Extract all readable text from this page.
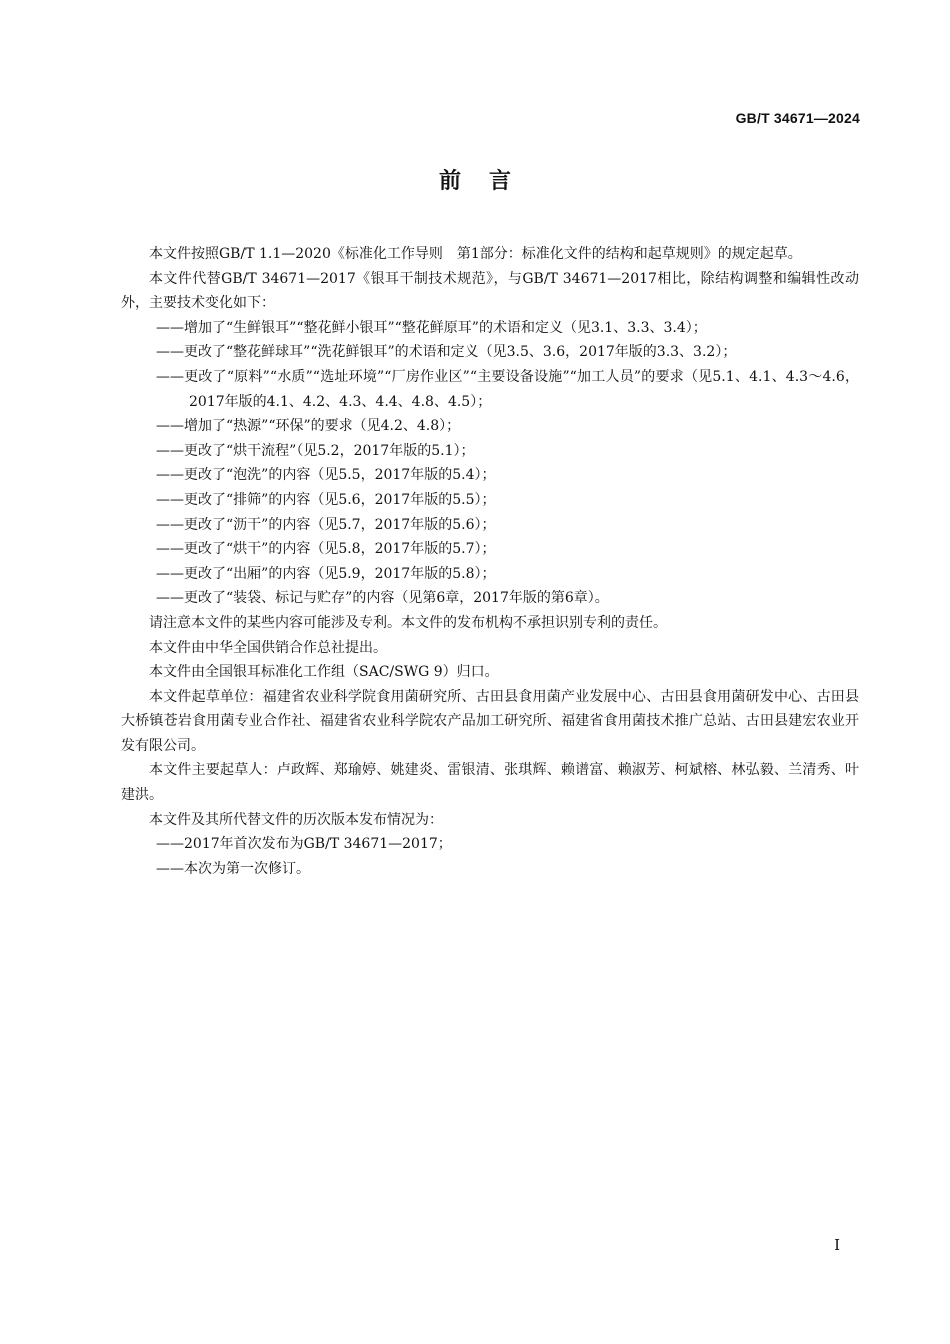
GB/T 34671—2024
前言

本文件按照GB/T 1.1—2020《标准化工作导则　第1部分：标准化文件的结构和起草规则》的规定起草。

本文件代替GB/T 34671—2017《银耳干制技术规范》，与GB/T 34671—2017相比，除结构调整和编辑性改动外，主要技术变化如下：

——增加了“生鲜银耳”“整花鲜小银耳”“整花鲜原耳”的术语和定义（见3.1、3.3、3.4）；

——更改了“整花鲜球耳”“洗花鲜银耳”的术语和定义（见3.5、3.6，2017年版的3.3、3.2）；

——更改了“原料”“水质”“选址环境”“厂房作业区”“主要设备设施”“加工人员”的要求（见5.1、4.1、4.3～4.6，2017年版的4.1、4.2、4.3、4.4、4.8、4.5）；

——增加了“热源”“环保”的要求（见4.2、4.8）；

——更改了“烘干流程”（见5.2，2017年版的5.1）；

——更改了“泡洗”的内容（见5.5，2017年版的5.4）；

——更改了“排筛”的内容（见5.6，2017年版的5.5）；

——更改了“沥干”的内容（见5.7，2017年版的5.6）；

——更改了“烘干”的内容（见5.8，2017年版的5.7）；

——更改了“出厢”的内容（见5.9，2017年版的5.8）；

——更改了“装袋、标记与贮存”的内容（见第6章，2017年版的第6章）。

请注意本文件的某些内容可能涉及专利。本文件的发布机构不承担识别专利的责任。

本文件由中华全国供销合作总社提出。

本文件由全国银耳标准化工作组（SAC/SWG 9）归口。

本文件起草单位：福建省农业科学院食用菌研究所、古田县食用菌产业发展中心、古田县食用菌研发中心、古田县大桥镇苍岩食用菌专业合作社、福建省农业科学院农产品加工研究所、福建省食用菌技术推广总站、古田县建宏农业开发有限公司。

本文件主要起草人：卢政辉、郑瑜婷、姚建炎、雷银清、张琪辉、赖谱富、赖淑芳、柯斌榕、林弘毅、兰清秀、叶建洪。

本文件及其所代替文件的历次版本发布情况为：

——2017年首次发布为GB/T 34671—2017；

——本次为第一次修订。

I
